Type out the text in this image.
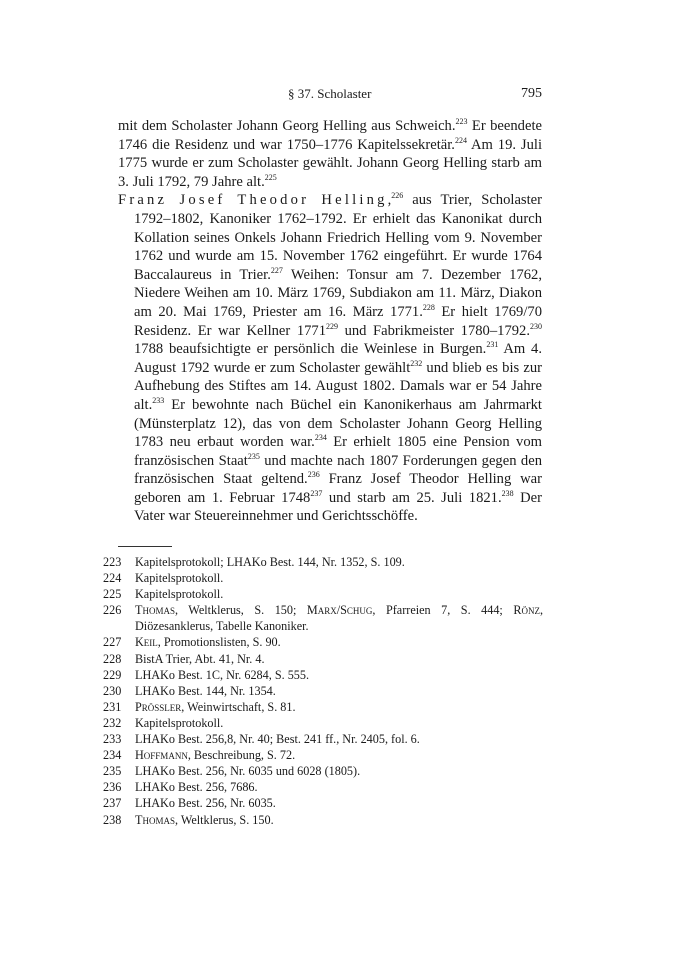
§ 37. Scholaster	795

mit dem Scholaster Johann Georg Helling aus Schweich.$^{223}$ Er beendete 1746 die Residenz und war 1750–1776 Kapitelssekretär.$^{224}$ Am 19. Juli 1775 wurde er zum Scholaster gewählt. Johann Georg Helling starb am 3. Juli 1792, 79 Jahre alt.$^{225}$

Franz Josef Theodor Helling,$^{226}$ aus Trier, Scholaster 1792–1802, Kanoniker 1762–1792. Er erhielt das Kanonikat durch Kollation seines Onkels Johann Friedrich Helling vom 9. November 1762 und wurde am 15. November 1762 eingeführt. Er wurde 1764 Baccalaureus in Trier.$^{227}$ Weihen: Tonsur am 7. Dezember 1762, Niedere Weihen am 10. März 1769, Subdiakon am 11. März, Diakon am 20. Mai 1769, Priester am 16. März 1771.$^{228}$ Er hielt 1769/70 Residenz. Er war Kellner 1771$^{229}$ und Fabrikmeister 1780–1792.$^{230}$ 1788 beaufsichtigte er persönlich die Weinlese in Burgen.$^{231}$ Am 4. August 1792 wurde er zum Scholaster gewählt$^{232}$ und blieb es bis zur Aufhebung des Stiftes am 14. August 1802. Damals war er 54 Jahre alt.$^{233}$ Er bewohnte nach Büchel ein Kanonikerhaus am Jahrmarkt (Münsterplatz 12), das von dem Scholaster Johann Georg Helling 1783 neu erbaut worden war.$^{234}$ Er erhielt 1805 eine Pension vom französischen Staat$^{235}$ und machte nach 1807 Forderungen gegen den französischen Staat geltend.$^{236}$ Franz Josef Theodor Helling war geboren am 1. Februar 1748$^{237}$ und starb am 25. Juli 1821.$^{238}$ Der Vater war Steuereinnehmer und Gerichtsschöffe.

223	Kapitelsprotokoll; LHAKo Best. 144, Nr. 1352, S. 109.

224	Kapitelsprotokoll.

225	Kapitelsprotokoll.

226	Thomas, Weltklerus, S. 150; Marx/Schug, Pfarreien 7, S. 444; Rönz, Diözesanklerus, Tabelle Kanoniker.

227	Keil, Promotionslisten, S. 90.

228	BistA Trier, Abt. 41, Nr. 4.

229	LHAKo Best. 1C, Nr. 6284, S. 555.

230	LHAKo Best. 144, Nr. 1354.

231	Prössler, Weinwirtschaft, S. 81.

232	Kapitelsprotokoll.

233	LHAKo Best. 256,8, Nr. 40; Best. 241 ff., Nr. 2405, fol. 6.

234	Hoffmann, Beschreibung, S. 72.

235	LHAKo Best. 256, Nr. 6035 und 6028 (1805).

236	LHAKo Best. 256, 7686.

237	LHAKo Best. 256, Nr. 6035.

238	Thomas, Weltklerus, S. 150.
